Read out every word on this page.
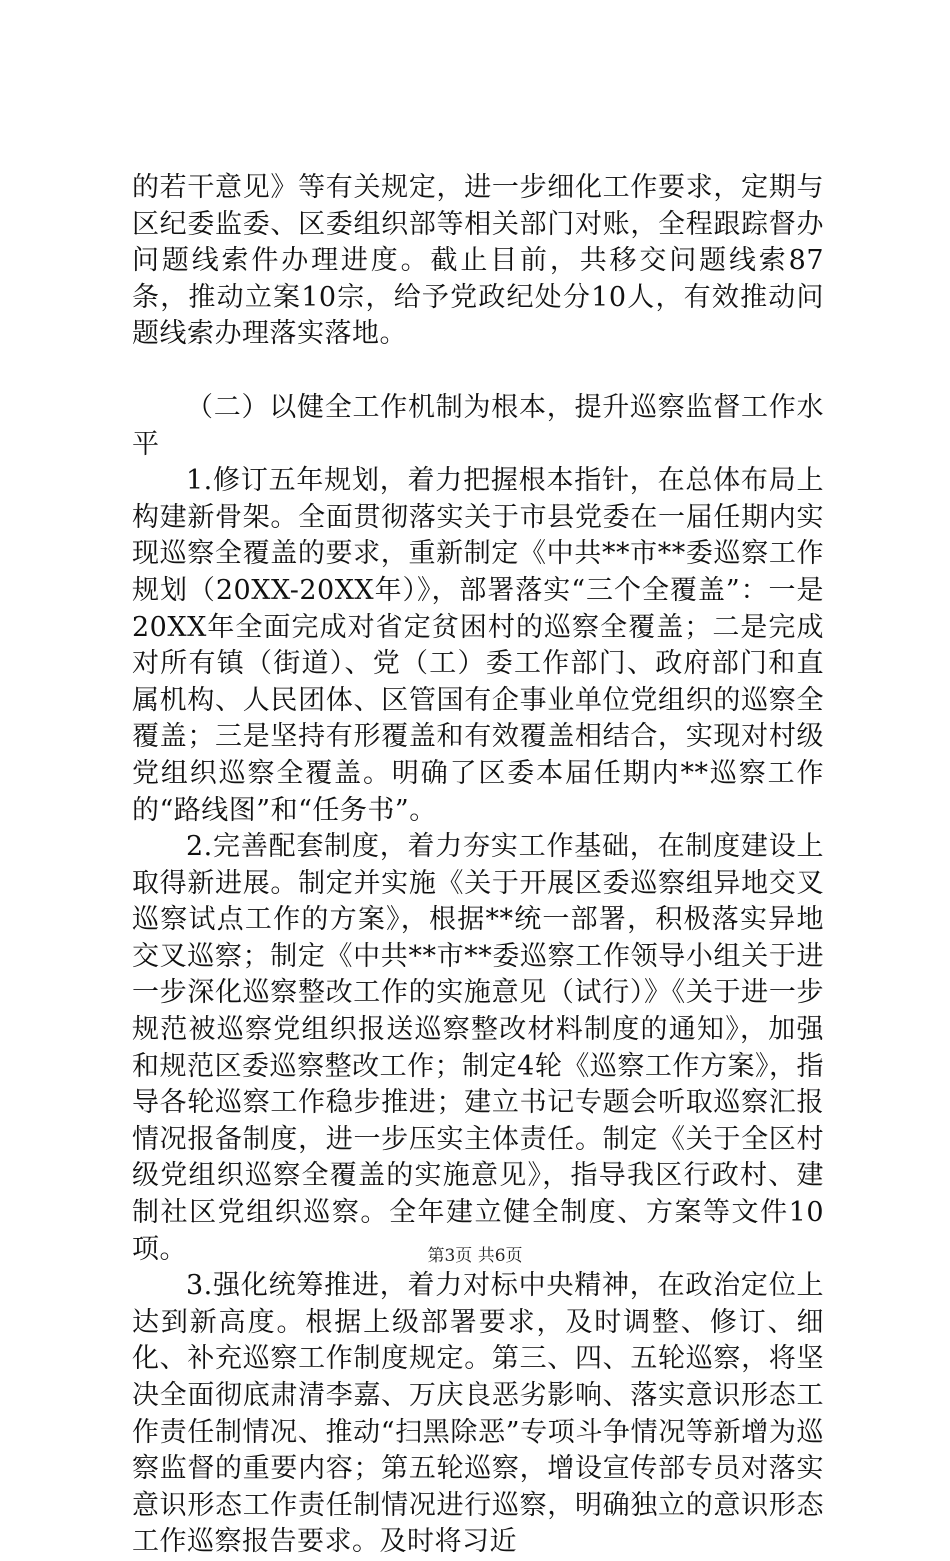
的若干意见》等有关规定，进一步细化工作要求，定期与区纪委监委、区委组织部等相关部门对账，全程跟踪督办问题线索件办理进度。截止目前，共移交问题线索87条，推动立案10宗，给予党政纪处分10人，有效推动问题线索办理落实落地。

（二）以健全工作机制为根本，提升巡察监督工作水平

1.修订五年规划，着力把握根本指针，在总体布局上构建新骨架。全面贯彻落实关于市县党委在一届任期内实现巡察全覆盖的要求，重新制定《中共**市**委巡察工作规划（20XX-20XX年）》，部署落实“三个全覆盖”：一是20XX年全面完成对省定贫困村的巡察全覆盖；二是完成对所有镇（街道）、党（工）委工作部门、政府部门和直属机构、人民团体、区管国有企事业单位党组织的巡察全覆盖；三是坚持有形覆盖和有效覆盖相结合，实现对村级党组织巡察全覆盖。明确了区委本届任期内**巡察工作的“路线图”和“任务书”。

2.完善配套制度，着力夯实工作基础，在制度建设上取得新进展。制定并实施《关于开展区委巡察组异地交叉巡察试点工作的方案》，根据**统一部署，积极落实异地交叉巡察；制定《中共**市**委巡察工作领导小组关于进一步深化巡察整改工作的实施意见（试行）》《关于进一步规范被巡察党组织报送巡察整改材料制度的通知》，加强和规范区委巡察整改工作；制定4轮《巡察工作方案》，指导各轮巡察工作稳步推进；建立书记专题会听取巡察汇报情况报备制度，进一步压实主体责任。制定《关于全区村级党组织巡察全覆盖的实施意见》，指导我区行政村、建制社区党组织巡察。全年建立健全制度、方案等文件10项。

3.强化统筹推进，着力对标中央精神，在政治定位上达到新高度。根据上级部署要求，及时调整、修订、细化、补充巡察工作制度规定。第三、四、五轮巡察，将坚决全面彻底肃清李嘉、万庆良恶劣影响、落实意识形态工作责任制情况、推动“扫黑除恶”专项斗争情况等新增为巡察监督的重要内容；第五轮巡察，增设宣传部专员对落实意识形态工作责任制情况进行巡察，明确独立的意识形态工作巡察报告要求。及时将习近

第3页 共6页
